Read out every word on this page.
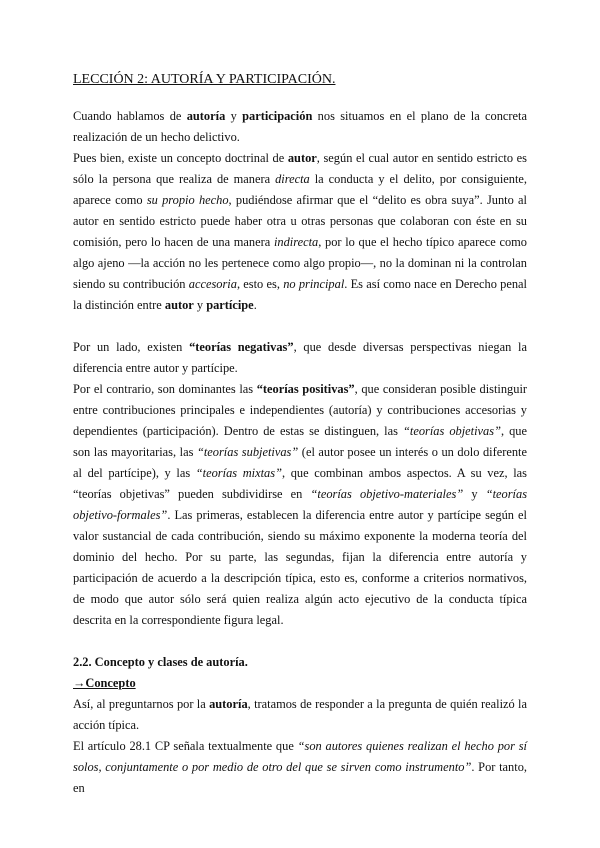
LECCIÓN 2: AUTORÍA Y PARTICIPACIÓN.

Cuando hablamos de autoría y participación nos situamos en el plano de la concreta realización de un hecho delictivo.

Pues bien, existe un concepto doctrinal de autor, según el cual autor en sentido estricto es sólo la persona que realiza de manera directa la conducta y el delito, por consiguiente, aparece como su propio hecho, pudiéndose afirmar que el “delito es obra suya”. Junto al autor en sentido estricto puede haber otra u otras personas que colaboran con éste en su comisión, pero lo hacen de una manera indirecta, por lo que el hecho típico aparece como algo ajeno —la acción no les pertenece como algo propio—, no la dominan ni la controlan siendo su contribución accesoria, esto es, no principal. Es así como nace en Derecho penal la distinción entre autor y partícipe.

Por un lado, existen “teorías negativas”, que desde diversas perspectivas niegan la diferencia entre autor y partícipe.

Por el contrario, son dominantes las “teorías positivas”, que consideran posible distinguir entre contribuciones principales e independientes (autoría) y contribuciones accesorias y dependientes (participación). Dentro de estas se distinguen, las “teorías objetivas”, que son las mayoritarias, las “teorías subjetivas” (el autor posee un interés o un dolo diferente al del partícipe), y las “teorías mixtas”, que combinan ambos aspectos. A su vez, las “teorías objetivas” pueden subdividirse en “teorías objetivo-materiales” y “teorías objetivo-formales”. Las primeras, establecen la diferencia entre autor y partícipe según el valor sustancial de cada contribución, siendo su máximo exponente la moderna teoría del dominio del hecho. Por su parte, las segundas, fijan la diferencia entre autoría y participación de acuerdo a la descripción típica, esto es, conforme a criterios normativos, de modo que autor sólo será quien realiza algún acto ejecutivo de la conducta típica descrita en la correspondiente figura legal.

2.2. Concepto y clases de autoría.
→Concepto

Así, al preguntarnos por la autoría, tratamos de responder a la pregunta de quién realizó la acción típica.

El artículo 28.1 CP señala textualmente que “son autores quienes realizan el hecho por sí solos, conjuntamente o por medio de otro del que se sirven como instrumento”. Por tanto, en
